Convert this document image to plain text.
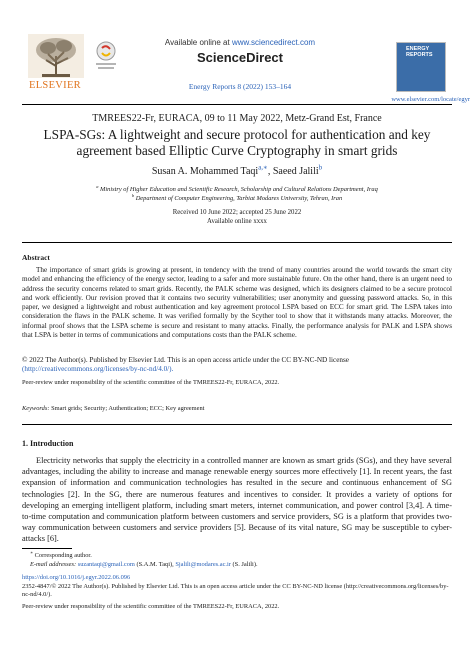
ELSEVIER
Available online at www.sciencedirect.com
ScienceDirect
Energy Reports 8 (2022) 153–164
ENERGY REPORTS
www.elsevier.com/locate/egyr
TMREES22-Fr, EURACA, 09 to 11 May 2022, Metz-Grand Est, France
LSPA-SGs: A lightweight and secure protocol for authentication and key agreement based Elliptic Curve Cryptography in smart grids
Susan A. Mohammed Taqi$^{a,∗}$, Saeed Jalili$^b$
$^a$ Ministry of Higher Education and Scientific Research, Scholarship and Cultural Relations Department, Iraq
$^b$ Department of Computer Engineering, Tarbiat Modares University, Tehran, Iran
Received 10 June 2022; accepted 25 June 2022
Available online xxxx
Abstract
The importance of smart grids is growing at present, in tendency with the trend of many countries around the world towards the smart city model and enhancing the efficiency of the energy sector, leading to a safer and more sustainable future. On the other hand, there is an urgent need to address the security concerns related to smart grids. Recently, the PALK scheme was designed, which its designers claimed to be a secure protocol and work efficiently. Our revision proved that it contains two security vulnerabilities; user anonymity and guessing password attacks. So, in this paper, we designed a lightweight and robust authentication and key agreement protocol LSPA based on ECC for smart grid. The LSPA takes into consideration the flaws in the PALK scheme. It was verified formally by the Scyther tool to show that it withstands many attacks. Moreover, the informal proof shows that the LSPA scheme is secure and resistant to many attacks. Finally, the performance analysis for PALK and LSPA shows that LSPA is better in terms of communications and computations costs than the PALK scheme.
© 2022 The Author(s). Published by Elsevier Ltd. This is an open access article under the CC BY-NC-ND license
(http://creativecommons.org/licenses/by-nc-nd/4.0/).
Peer-review under responsibility of the scientific committee of the TMREES22-Fr, EURACA, 2022.
Keywords: Smart grids; Security; Authentication; ECC; Key agreement
1. Introduction
Electricity networks that supply the electricity in a controlled manner are known as smart grids (SGs), and they have several advantages, including the ability to increase and manage renewable energy sources more effectively [1]. In recent years, the fast expansion of information and communication technologies has resulted in the secure and continuous enhancement of SG technologies [2]. In the SG, there are numerous features and incentives to consider. It provides a variety of options for developing an emerging intelligent platform, including smart meters, internet communication, and power control [3,4]. A time-to-time computation and communication platform between customers and service providers, SG is a platform that provides two-way communication between customers and service providers [5]. Because of its vital nature, SG may be susceptible to cyber-attacks [6].
∗ Corresponding author.
E-mail addresses: suzantaqi@gmail.com (S.A.M. Taqi), Sjalili@modares.ac.ir (S. Jalili).
https://doi.org/10.1016/j.egyr.2022.06.096
2352-4847/© 2022 The Author(s). Published by Elsevier Ltd. This is an open access article under the CC BY-NC-ND license (http://creativecommons.org/licenses/by-nc-nd/4.0/).
Peer-review under responsibility of the scientific committee of the TMREES22-Fr, EURACA, 2022.
